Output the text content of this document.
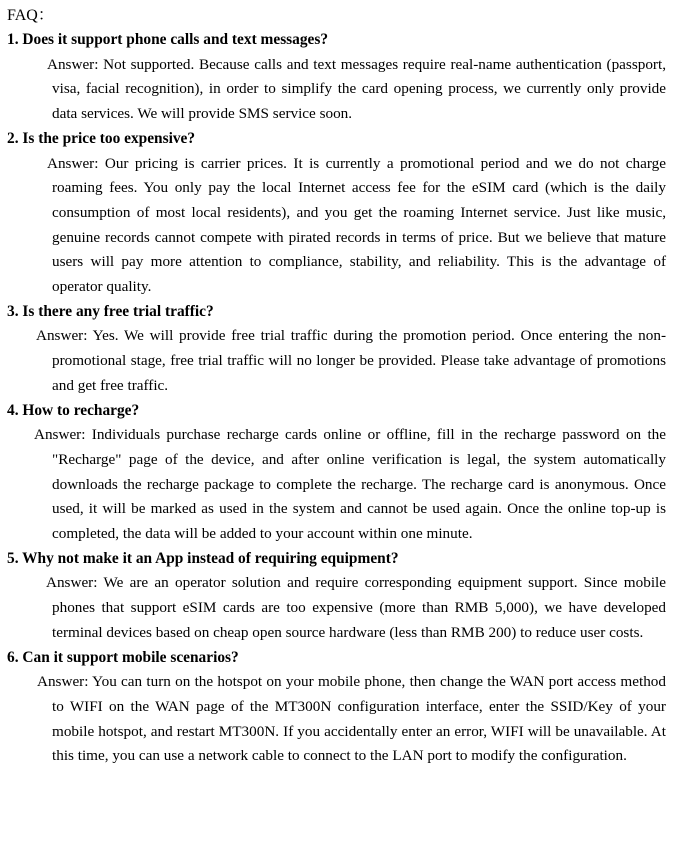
FAQ：

1. Does it support phone calls and text messages?

Answer: Not supported. Because calls and text messages require real-name authentication (passport, visa, facial recognition), in order to simplify the card opening process, we currently only provide data services. We will provide SMS service soon.

2. Is the price too expensive?

Answer: Our pricing is carrier prices. It is currently a promotional period and we do not charge roaming fees. You only pay the local Internet access fee for the eSIM card (which is the daily consumption of most local residents), and you get the roaming Internet service. Just like music, genuine records cannot compete with pirated records in terms of price. But we believe that mature users will pay more attention to compliance, stability, and reliability. This is the advantage of operator quality.

3. Is there any free trial traffic?

Answer: Yes. We will provide free trial traffic during the promotion period. Once entering the non-promotional stage, free trial traffic will no longer be provided. Please take advantage of promotions and get free traffic.

4. How to recharge?

Answer: Individuals purchase recharge cards online or offline, fill in the recharge password on the "Recharge" page of the device, and after online verification is legal, the system automatically downloads the recharge package to complete the recharge. The recharge card is anonymous. Once used, it will be marked as used in the system and cannot be used again. Once the online top-up is completed, the data will be added to your account within one minute.

5. Why not make it an App instead of requiring equipment?

Answer: We are an operator solution and require corresponding equipment support. Since mobile phones that support eSIM cards are too expensive (more than RMB 5,000), we have developed terminal devices based on cheap open source hardware (less than RMB 200) to reduce user costs.

6. Can it support mobile scenarios?

Answer: You can turn on the hotspot on your mobile phone, then change the WAN port access method to WIFI on the WAN page of the MT300N configuration interface, enter the SSID/Key of your mobile hotspot, and restart MT300N. If you accidentally enter an error, WIFI will be unavailable. At this time, you can use a network cable to connect to the LAN port to modify the configuration.
